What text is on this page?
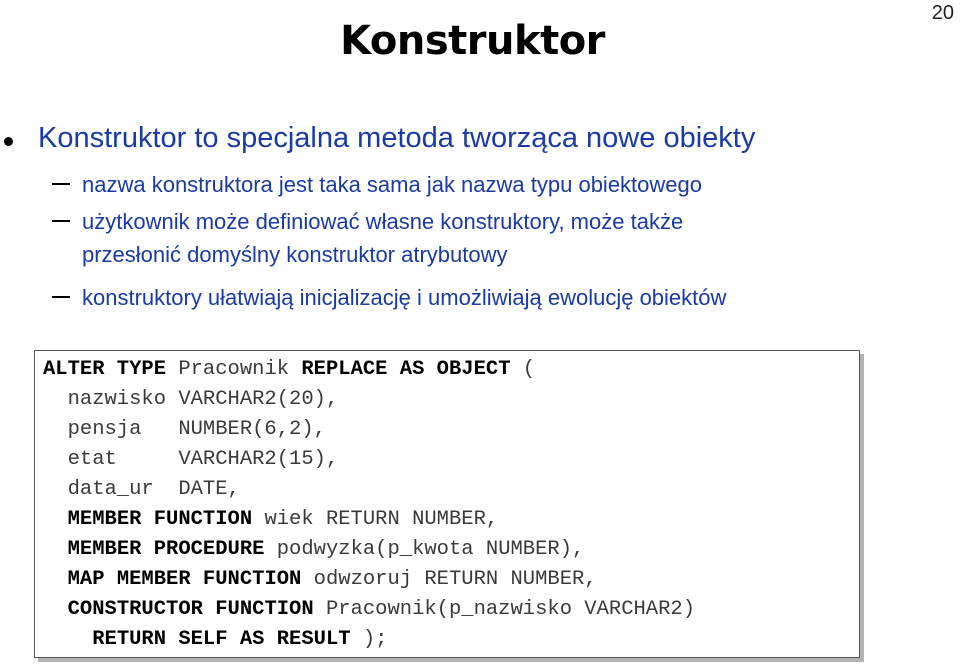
20
Konstruktor
Konstruktor to specjalna metoda tworząca nowe obiekty
nazwa konstruktora jest taka sama jak nazwa typu obiektowego
użytkownik może definiować własne konstruktory, może także
przesłonić domyślny konstruktor atrybutowy
konstruktory ułatwiają inicjalizację i umożliwiają ewolucję obiektów
ALTER TYPE Pracownik REPLACE AS OBJECT (
nazwisko VARCHAR2(20),
pensja   NUMBER(6,2),
etat     VARCHAR2(15),
data_ur  DATE,
MEMBER FUNCTION wiek RETURN NUMBER,
MEMBER PROCEDURE podwyzka(p_kwota NUMBER),
MAP MEMBER FUNCTION odwzoruj RETURN NUMBER,
CONSTRUCTOR FUNCTION Pracownik(p_nazwisko VARCHAR2)
RETURN SELF AS RESULT );
